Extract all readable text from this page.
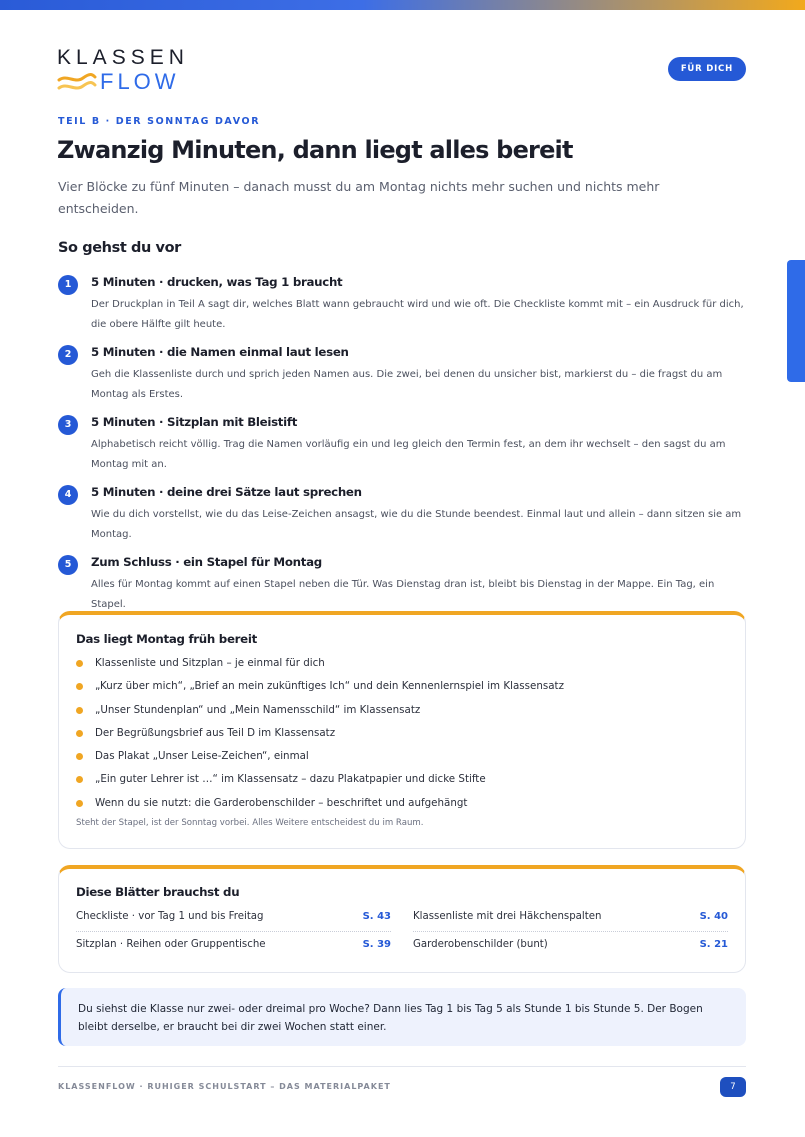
KLASSEN
FLOW	FÜR DICH
TEIL B · DER SONNTAG DAVOR
Zwanzig Minuten, dann liegt alles bereit

Vier Blöcke zu fünf Minuten – danach musst du am Montag nichts mehr suchen und nichts mehr entscheiden.

So gehst du vor
1	5 Minuten · drucken, was Tag 1 braucht
Der Druckplan in Teil A sagt dir, welches Blatt wann gebraucht wird und wie oft. Die Checkliste kommt mit – ein Ausdruck für dich, die obere Hälfte gilt heute.
2	5 Minuten · die Namen einmal laut lesen
Geh die Klassenliste durch und sprich jeden Namen aus. Die zwei, bei denen du unsicher bist, markierst du – die fragst du am Montag als Erstes.
3	5 Minuten · Sitzplan mit Bleistift
Alphabetisch reicht völlig. Trag die Namen vorläufig ein und leg gleich den Termin fest, an dem ihr wechselt – den sagst du am Montag mit an.
4	5 Minuten · deine drei Sätze laut sprechen
Wie du dich vorstellst, wie du das Leise-Zeichen ansagst, wie du die Stunde beendest. Einmal laut und allein – dann sitzen sie am Montag.
5	Zum Schluss · ein Stapel für Montag
Alles für Montag kommt auf einen Stapel neben die Tür. Was Dienstag dran ist, bleibt bis Dienstag in der Mappe. Ein Tag, ein Stapel.
Das liegt Montag früh bereit
Klassenliste und Sitzplan – je einmal für dich
„Kurz über mich“, „Brief an mein zukünftiges Ich“ und dein Kennenlernspiel im Klassensatz
„Unser Stundenplan“ und „Mein Namensschild“ im Klassensatz
Der Begrüßungsbrief aus Teil D im Klassensatz
Das Plakat „Unser Leise-Zeichen“, einmal
„Ein guter Lehrer ist …“ im Klassensatz – dazu Plakatpapier und dicke Stifte
Wenn du sie nutzt: die Garderobenschilder – beschriftet und aufgehängt
Steht der Stapel, ist der Sonntag vorbei. Alles Weitere entscheidest du im Raum.
Diese Blätter brauchst du
Checkliste · vor Tag 1 und bis Freitag	S. 43
Sitzplan · Reihen oder Gruppentische	S. 39
Klassenliste mit drei Häkchenspalten	S. 40
Garderobenschilder (bunt)	S. 21
Du siehst die Klasse nur zwei- oder dreimal pro Woche? Dann lies Tag 1 bis Tag 5 als Stunde 1 bis Stunde 5. Der Bogen bleibt derselbe, er braucht bei dir zwei Wochen statt einer.
KLASSENFLOW · RUHIGER SCHULSTART – DAS MATERIALPAKET	7
